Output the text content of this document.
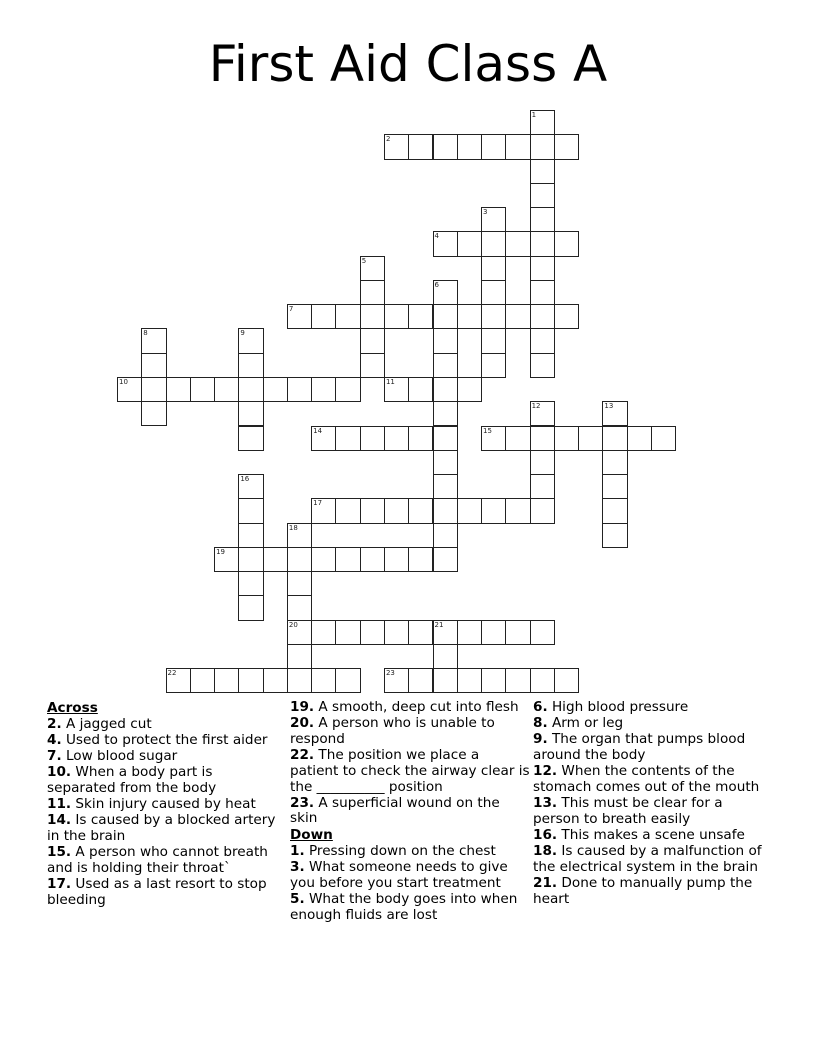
First Aid Class A
1
2
3
4
5
6
7
8	9
10	11
12	13
14	15
16
17
18
20
19
21
22	23
Across
2. A jagged cut
4. Used to protect the first aider
7. Low blood sugar
10. When a body part is separated from the body
11. Skin injury caused by heat
14. Is caused by a blocked artery in the brain
15. A person who cannot breath and is holding their throat`
17. Used as a last resort to stop bleeding
19. A smooth, deep cut into flesh
20. A person who is unable to respond
22. The position we place a patient to check the airway clear is the __________ position
23. A superficial wound on the skin
Down
1. Pressing down on the chest
3. What someone needs to give you before you start treatment
5. What the body goes into when enough fluids are lost
6. High blood pressure
8. Arm or leg
9. The organ that pumps blood around the body
12. When the contents of the stomach comes out of the mouth
13. This must be clear for a person to breath easily
16. This makes a scene unsafe
18. Is caused by a malfunction of the electrical system in the brain
21. Done to manually pump the heart
